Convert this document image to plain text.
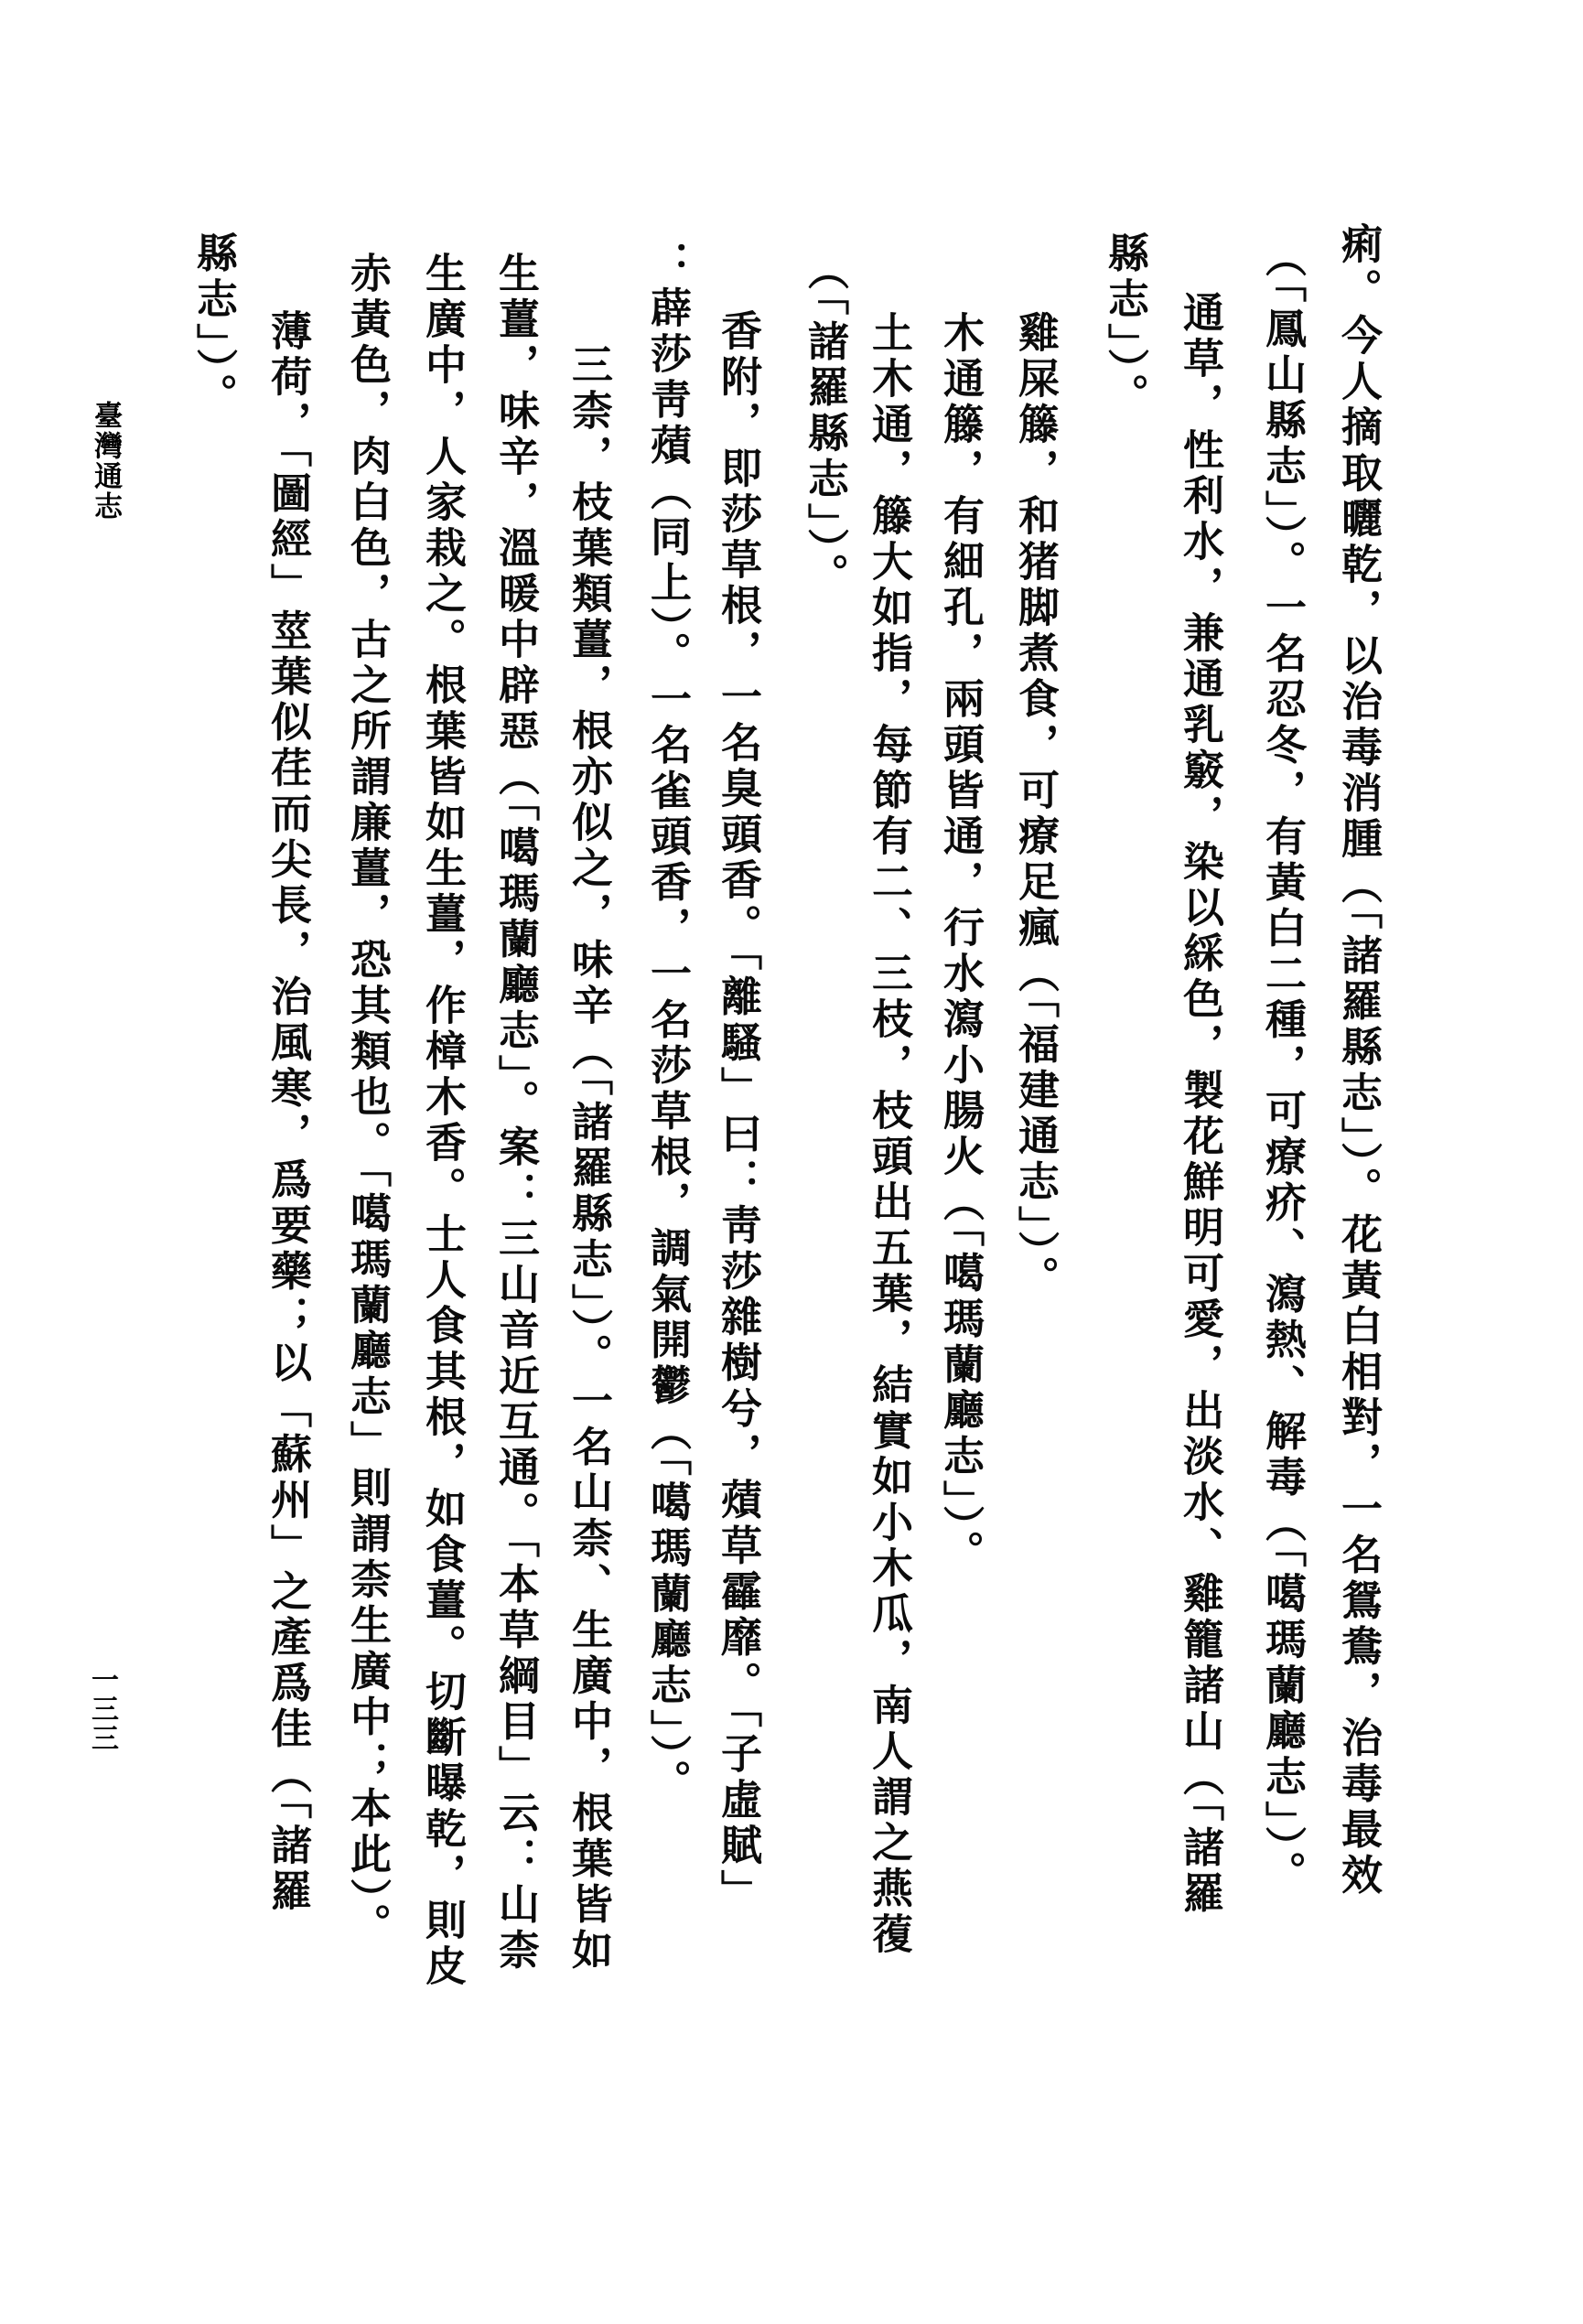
痢。今人摘取曬乾，以治毒消腫（「諸羅縣志」）。花黃白相對，一名鴛鴦，治毒最效
（「鳳山縣志」）。一名忍冬，有黃白二種，可療疥、瀉熱、解毒（「噶瑪蘭廳志」）。
通草，性利水，兼通乳竅，染以綵色，製花鮮明可愛，出淡水、雞籠諸山（「諸羅
縣志」）。
雞屎籐，和猪脚煮食，可療足瘋（「福建通志」）。
木通籐，有細孔，兩頭皆通，行水瀉小腸火（「噶瑪蘭廳志」）。
土木通，籐大如指，每節有二、三枝，枝頭出五葉，結實如小木瓜，南人謂之燕蕧
（「諸羅縣志」）。
香附，即莎草根，一名臭頭香。「離騷」曰：靑莎雜樹兮，薠草靃靡。「子虛賦」
：薜莎靑薠（同上）。一名雀頭香，一名莎草根，調氣開鬱（「噶瑪蘭廳志」）。
三柰，枝葉類薑，根亦似之，味辛（「諸羅縣志」）。一名山柰、生廣中，根葉皆如
生薑，味辛，溫暖中辟惡（「噶瑪蘭廳志」。案：三山音近互通。「本草綱目」云：山柰
生廣中，人家栽之。根葉皆如生薑，作樟木香。士人食其根，如食薑。切斷曝乾，則皮
赤黃色，肉白色，古之所謂廉薑，恐其類也。「噶瑪蘭廳志」則謂柰生廣中；本此）。
薄荷，「圖經」莖葉似荏而尖長，治風寒，爲要藥；以「蘇州」之產爲佳（「諸羅
縣志」）。
臺灣通志
一三三
